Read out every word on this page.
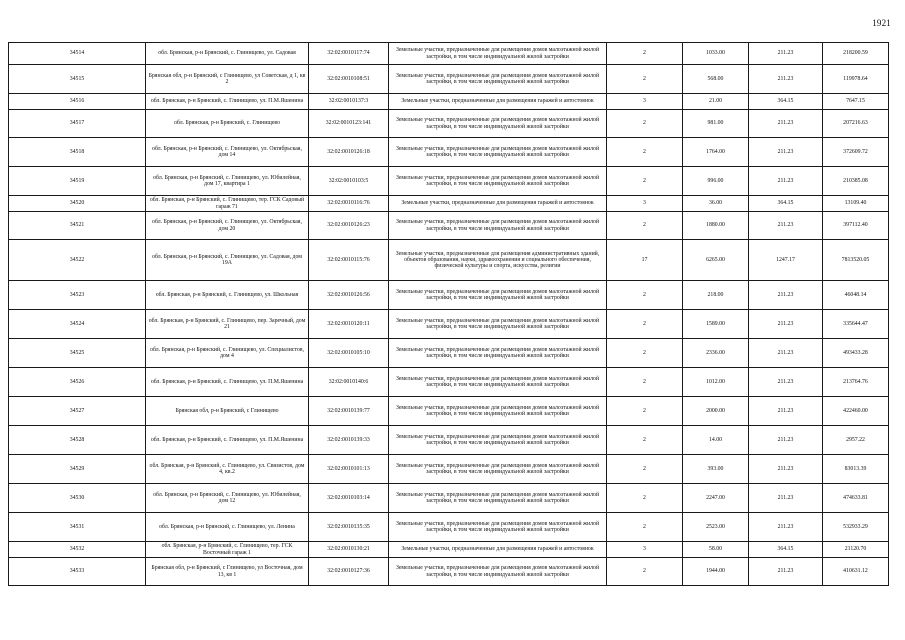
1921
34514	обл. Брянская, р-н Брянский, с. Глинищево, ул. Садовая	32:02:0010117:74	Земельные участки, предназначенные для размещения домов малоэтажной жилой застройки, в том числе индивидуальной жилой застройки	2	1033.00	211.23	218200.59
34515	Брянская обл, р-н Брянский, с Глинищево, ул Советская, д 1, кв 2	32:02:0010108:51	Земельные участки, предназначенные для размещения домов малоэтажной жилой застройки, в том числе индивидуальной жилой застройки	2	568.00	211.23	119978.64
34516	обл. Брянская, р-н Брянский, с. Глинищево, ул. П.М.Яшенина	32:02:0010137:3	Земельные участки, предназначенные для размещения гаражей и автостоянок	3	21.00	364.15	7647.15
34517	обл. Брянская, р-н Брянский, с. Глинищево	32:02:0010123:141	Земельные участки, предназначенные для размещения домов малоэтажной жилой застройки, в том числе индивидуальной жилой застройки	2	981.00	211.23	207216.63
34518	обл. Брянская, р-н Брянский, с. Глинищево, ул. Октябрьская, дом 14	32:02:0010126:18	Земельные участки, предназначенные для размещения домов малоэтажной жилой застройки, в том числе индивидуальной жилой застройки	2	1764.00	211.23	372609.72
34519	обл. Брянская, р-н Брянский, с. Глинищево, ул. Юбилейная, дом 17, квартира 1	32:02:0010103:5	Земельные участки, предназначенные для размещения домов малоэтажной жилой застройки, в том числе индивидуальной жилой застройки	2	996.00	211.23	210385.08
34520	обл. Брянская, р-н Брянский, с. Глинищево, тер. ГСК Садовый гараж 71	32:02:0010116:76	Земельные участки, предназначенные для размещения гаражей и автостоянок	3	36.00	364.15	13109.40
34521	обл. Брянская, р-н Брянский, с. Глинищево, ул. Октябрьская, дом 20	32:02:0010126:23	Земельные участки, предназначенные для размещения домов малоэтажной жилой застройки, в том числе индивидуальной жилой застройки	2	1880.00	211.23	397112.40
34522	обл. Брянская, р-н Брянский, с. Глинищево, ул. Садовая, дом 19А	32:02:0010115:76	Земельные участки, предназначенные для размещения административных зданий, объектов образования, науки, здравоохранения и социального обеспечения, физической культуры и спорта, искусства, религии	17	6265.00	1247.17	7813520.05
34523	обл. Брянская, р-н Брянский, с. Глинищево, ул. Школьная	32:02:0010126:56	Земельные участки, предназначенные для размещения домов малоэтажной жилой застройки, в том числе индивидуальной жилой застройки	2	218.00	211.23	46048.14
34524	обл. Брянская, р-н Брянский, с. Глинищево, пер. Заречный, дом 21	32:02:0010120:11	Земельные участки, предназначенные для размещения домов малоэтажной жилой застройки, в том числе индивидуальной жилой застройки	2	1589.00	211.23	335644.47
34525	обл. Брянская, р-н Брянский, с. Глинищево, ул. Специалистов, дом 4	32:02:0010105:10	Земельные участки, предназначенные для размещения домов малоэтажной жилой застройки, в том числе индивидуальной жилой застройки	2	2336.00	211.23	493433.28
34526	обл. Брянская, р-н Брянский, с. Глинищево, ул. П.М.Яшенина	32:02:0010140:6	Земельные участки, предназначенные для размещения домов малоэтажной жилой застройки, в том числе индивидуальной жилой застройки	2	1012.00	211.23	213764.76
34527	Брянская обл, р-н Брянский, с Глинищево	32:02:0010139:77	Земельные участки, предназначенные для размещения домов малоэтажной жилой застройки, в том числе индивидуальной жилой застройки	2	2000.00	211.23	422460.00
34528	обл. Брянская, р-н Брянский, с. Глинищево, ул. П.М.Яшенина	32:02:0010139:33	Земельные участки, предназначенные для размещения домов малоэтажной жилой застройки, в том числе индивидуальной жилой застройки	2	14.00	211.23	2957.22
34529	обл. Брянская, р-н Брянский, с. Глинищево, ул. Связистов, дом 4, кв.2	32:02:0010101:13	Земельные участки, предназначенные для размещения домов малоэтажной жилой застройки, в том числе индивидуальной жилой застройки	2	393.00	211.23	83013.39
34530	обл. Брянская, р-н Брянский, с. Глинищево, ул. Юбилейная, дом 12	32:02:0010103:14	Земельные участки, предназначенные для размещения домов малоэтажной жилой застройки, в том числе индивидуальной жилой застройки	2	2247.00	211.23	474633.81
34531	обл. Брянская, р-н Брянский, с. Глинищево, ул. Ленина	32:02:0010135:35	Земельные участки, предназначенные для размещения домов малоэтажной жилой застройки, в том числе индивидуальной жилой застройки	2	2523.00	211.23	532933.29
34532	обл. Брянская, р-н Брянский, с. Глинищево, тер. ГСК Восточный гараж 1	32:02:0010130:21	Земельные участки, предназначенные для размещения гаражей и автостоянок	3	58.00	364.15	21120.70
34533	Брянская обл, р-н Брянский, с Глинищево, ул Восточная, дом 13, кв 1	32:02:0010127:36	Земельные участки, предназначенные для размещения домов малоэтажной жилой застройки, в том числе индивидуальной жилой застройки	2	1944.00	211.23	410631.12
